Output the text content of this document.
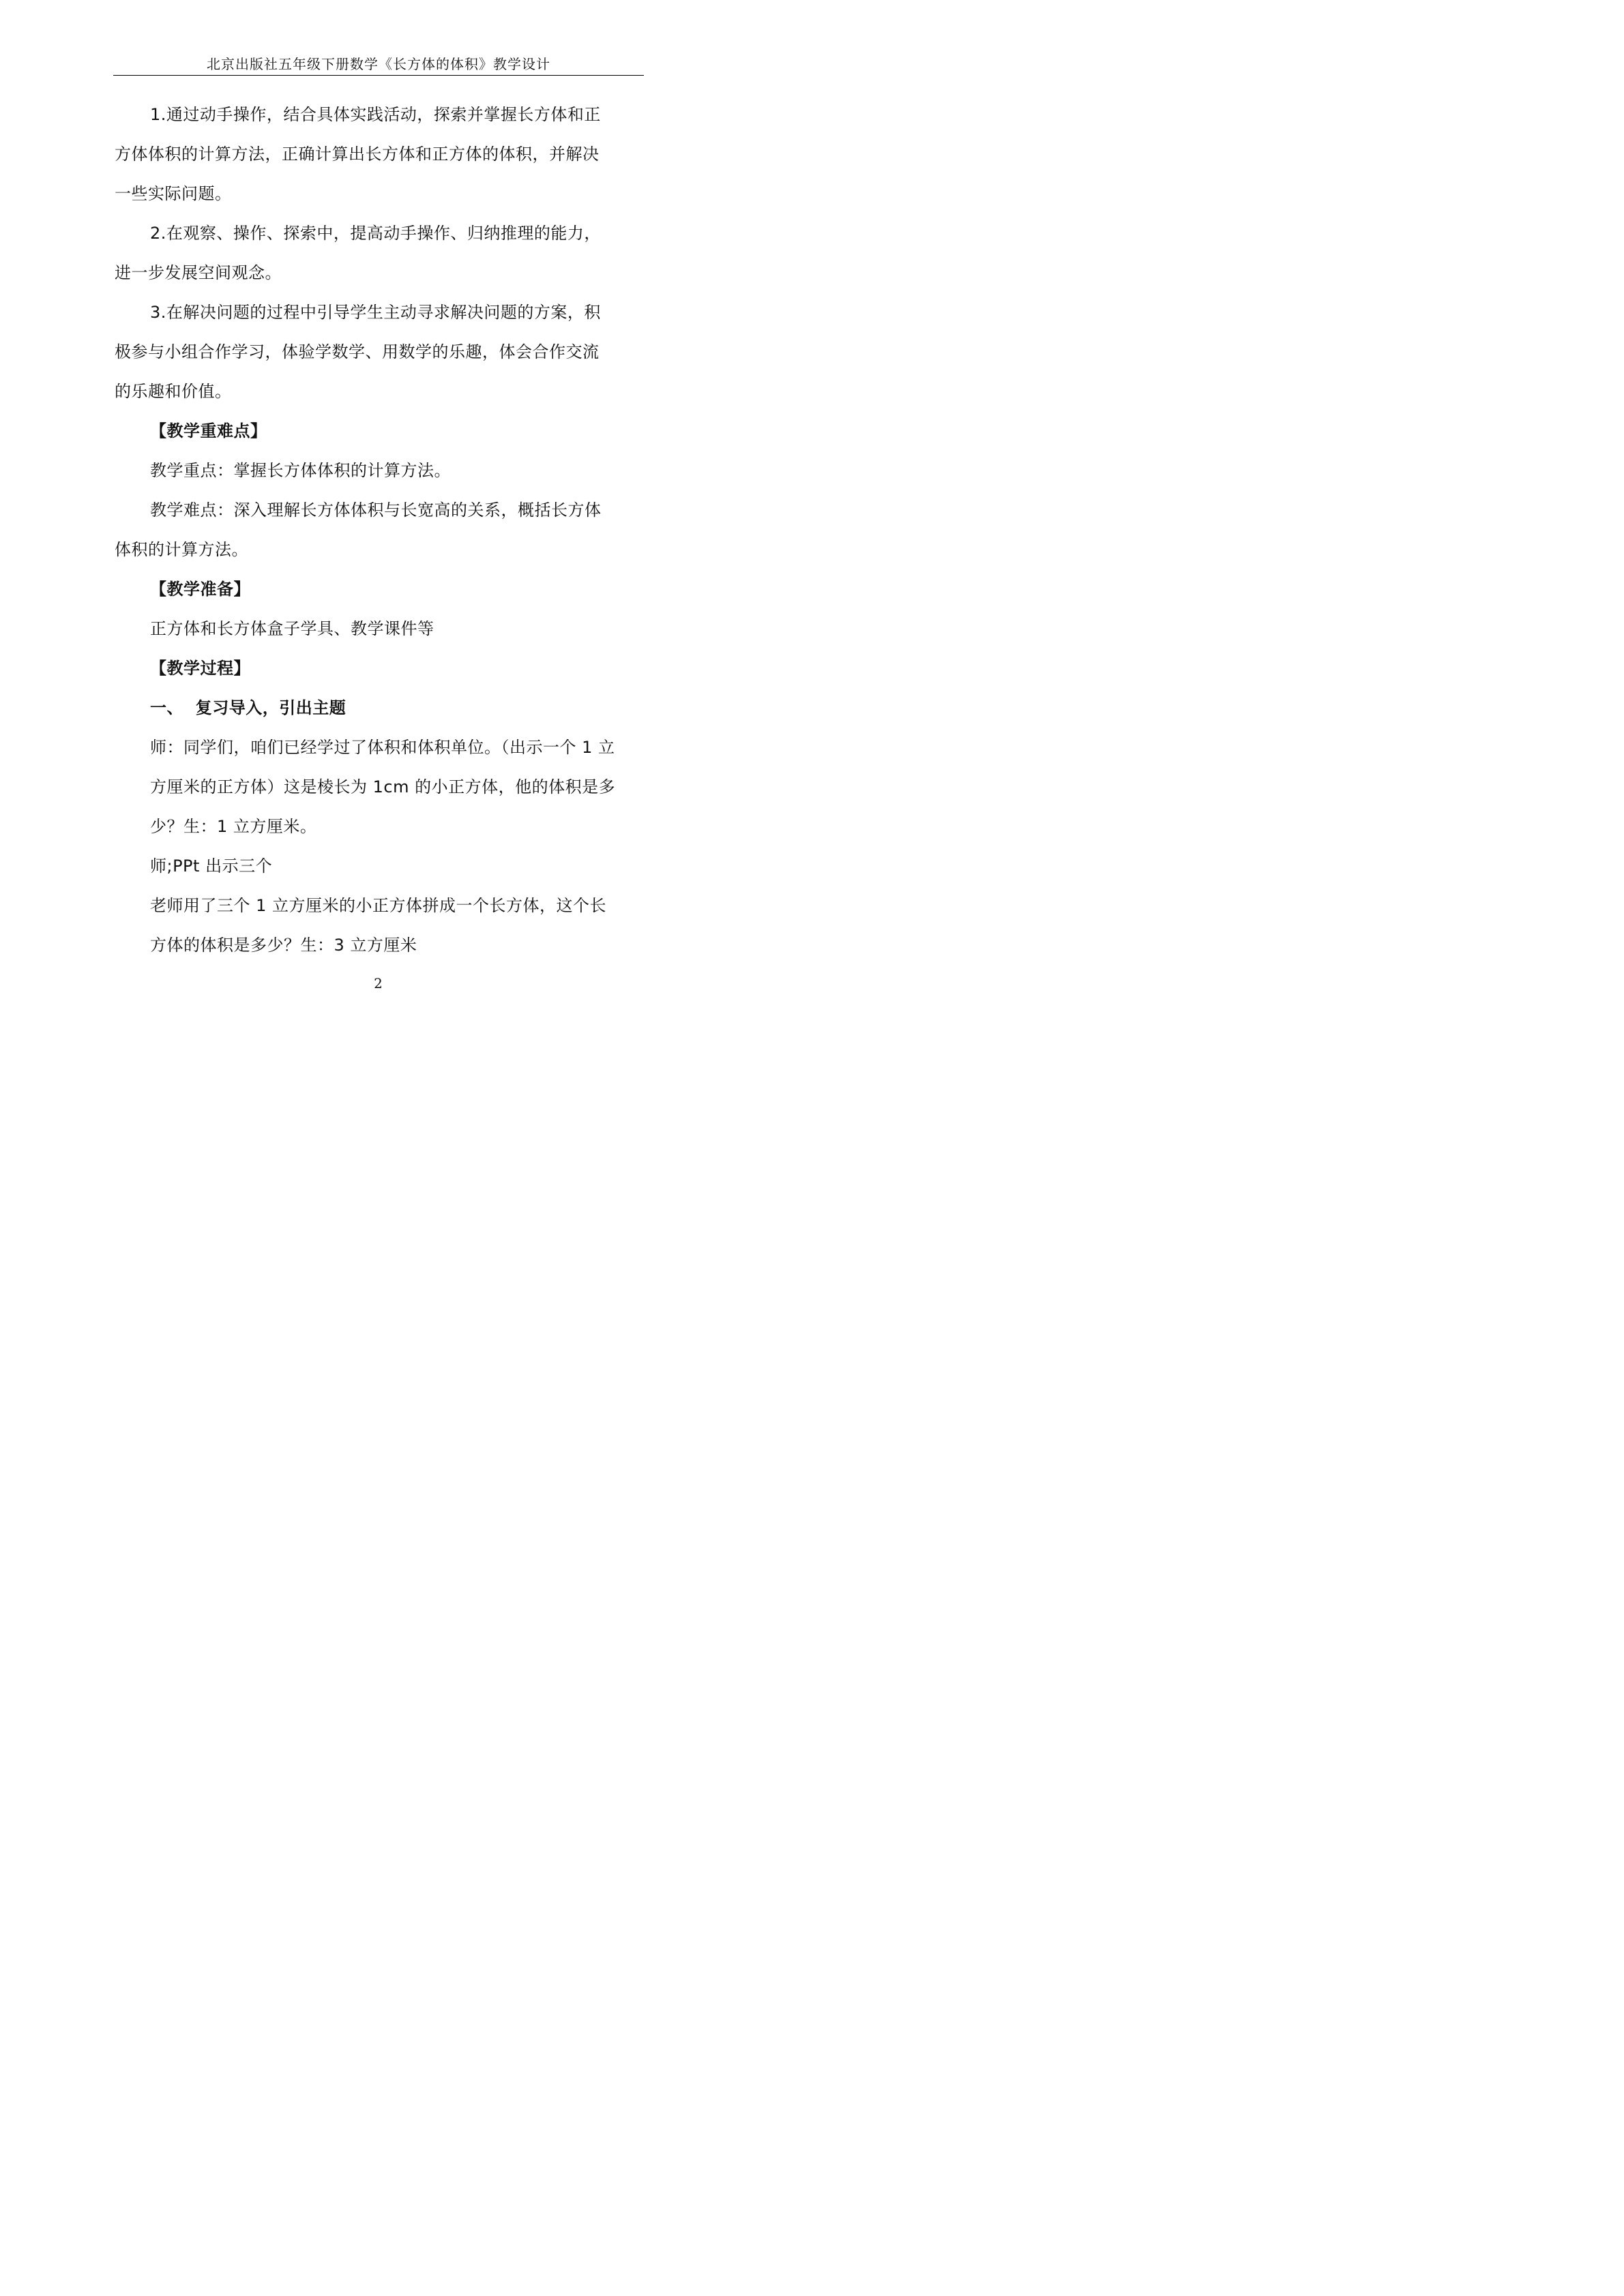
北京出版社五年级下册数学《长方体的体积》教学设计
1.通过动手操作，结合具体实践活动，探索并掌握长方体和正
方体体积的计算方法，正确计算出长方体和正方体的体积，并解决
一些实际问题。
2.在观察、操作、探索中，提高动手操作、归纳推理的能力，
进一步发展空间观念。
3.在解决问题的过程中引导学生主动寻求解决问题的方案，积
极参与小组合作学习，体验学数学、用数学的乐趣，体会合作交流
的乐趣和价值。
【教学重难点】
教学重点：掌握长方体体积的计算方法。
教学难点：深入理解长方体体积与长宽高的关系，概括长方体
体积的计算方法。
【教学准备】
正方体和长方体盒子学具、教学课件等
【教学过程】
一、  复习导入，引出主题
师：同学们，咱们已经学过了体积和体积单位。（出示一个 1 立
方厘米的正方体）这是棱长为 1cm 的小正方体，他的体积是多
少？生：1 立方厘米。
师;PPt 出示三个
老师用了三个 1 立方厘米的小正方体拼成一个长方体，这个长
方体的体积是多少？生：3 立方厘米
2
